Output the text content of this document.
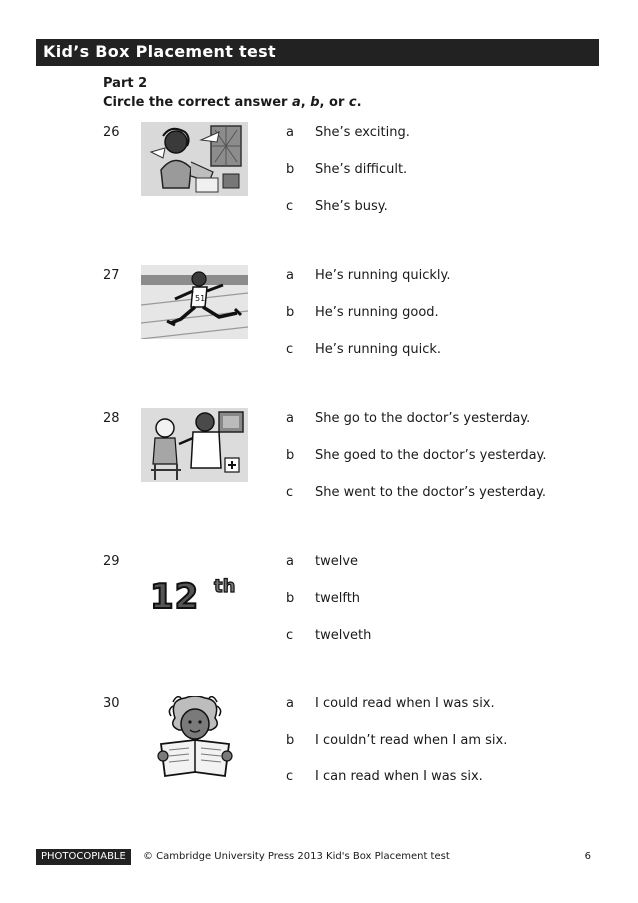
Kid’s Box Placement test
Part 2
Circle the correct answer a, b, or c.
26	a She’s exciting.
b She’s difficult.
c She’s busy.
27
51
a He’s running quickly.
b He’s running good.
c He’s running quick.
28	a She go to the doctor’s yesterday.
b She goed to the doctor’s yesterday.
c She went to the doctor’s yesterday.
29
12 th
a twelve
b twelfth
c twelveth
30	a I could read when I was six.
b I couldn’t read when I am six.
c I can read when I was six.
PHOTOCOPIABLE	© Cambridge University Press 2013 Kid's Box Placement test	6
